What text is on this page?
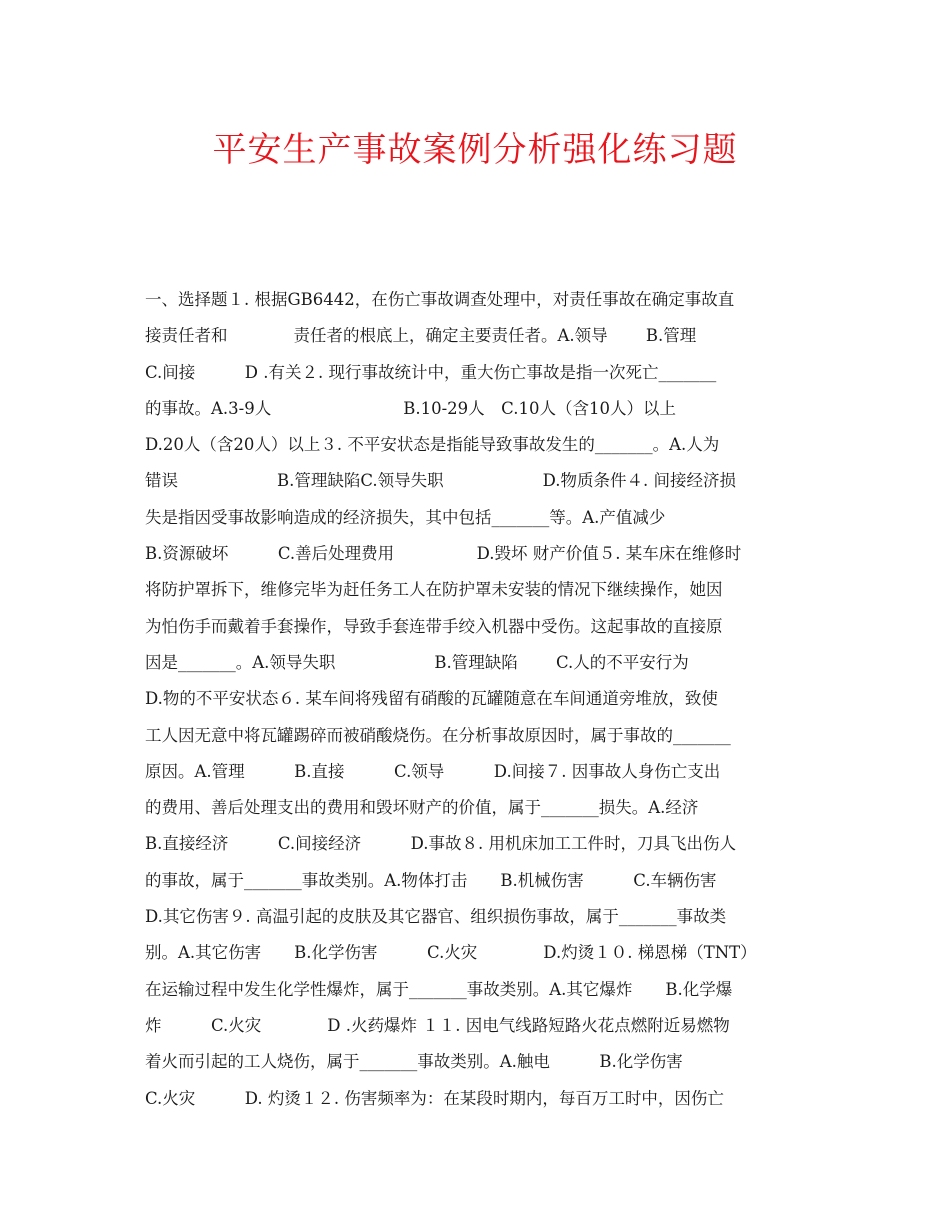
平安生产事故案例分析强化练习题
一、选择题１. 根据GB6442，在伤亡事故调查处理中，对责任事故在确定事故直
接责任者和　　　　责任者的根底上，确定主要责任者。A.领导　　 B.管理
C.间接　　　D .有关２. 现行事故统计中，重大伤亡事故是指一次死亡_______
的事故。A.3-9人　　　　　　　　B.10-29人　C.10人（含10人）以上
D.20人（含20人）以上３. 不平安状态是指能导致事故发生的_______。A.人为
错误　　　　　　B.管理缺陷C.领导失职　　　　　　D.物质条件４. 间接经济损
失是指因受事故影响造成的经济损失，其中包括_______等。A.产值减少
B.资源破坏　　　C.善后处理费用　　　　　D.毁坏 财产价值５. 某车床在维修时
将防护罩拆下，维修完毕为赶任务工人在防护罩未安装的情况下继续操作，她因
为怕伤手而戴着手套操作，导致手套连带手绞入机器中受伤。这起事故的直接原
因是_______。A.领导失职　　　　　　B.管理缺陷　　 C.人的不平安行为
D.物的不平安状态６. 某车间将残留有硝酸的瓦罐随意在车间通道旁堆放，致使
工人因无意中将瓦罐踢碎而被硝酸烧伤。在分析事故原因时，属于事故的_______
原因。A.管理　　　B.直接　　　C.领导　　　D.间接７. 因事故人身伤亡支出
的费用、善后处理支出的费用和毁坏财产的价值，属于_______损失。A.经济
B.直接经济　　　C.间接经济　　　D.事故８. 用机床加工工件时，刀具飞出伤人
的事故，属于_______事故类别。A.物体打击　　B.机械伤害　　　C.车辆伤害
D.其它伤害９. 高温引起的皮肤及其它器官、组织损伤事故，属于_______事故类
别。A.其它伤害　　B.化学伤害　　　C.火灾　　　　D.灼烫１０. 梯恩梯（TNT）
在运输过程中发生化学性爆炸，属于_______事故类别。A.其它爆炸　　B.化学爆
炸　　　C.火灾　　　　D .火药爆炸 １１. 因电气线路短路火花点燃附近易燃物
着火而引起的工人烧伤，属于_______事故类别。A.触电　　　B.化学伤害
C.火灾　　　D. 灼烫１２. 伤害频率为：在某段时期内，每百万工时中，因伤亡
